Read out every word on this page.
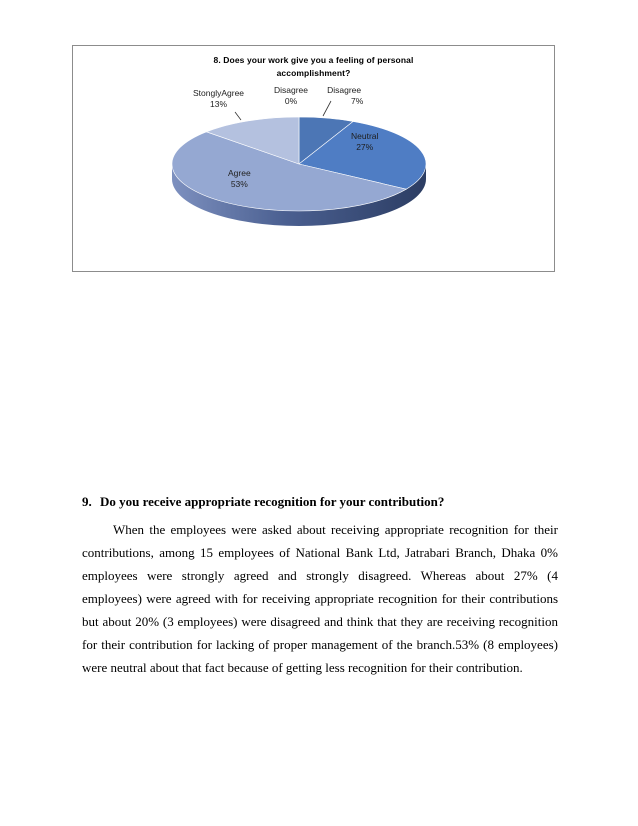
8. Does your work give you a feeling of personal
accomplishment?
StonglyAgree
13%
Disagree
0%
Disagree
7%
Neutral
27%
Agree
53%
9. Do you receive appropriate recognition for your contribution?

When the employees were asked about receiving appropriate recognition for their contributions, among 15 employees of National Bank Ltd, Jatrabari Branch, Dhaka 0% employees were strongly agreed and strongly disagreed. Whereas about 27% (4 employees) were agreed with for receiving appropriate recognition for their contributions but about 20% (3 employees) were disagreed and think that they are receiving recognition for their contribution for lacking of proper management of the branch.53% (8 employees) were neutral about that fact because of getting less recognition for their contribution.
